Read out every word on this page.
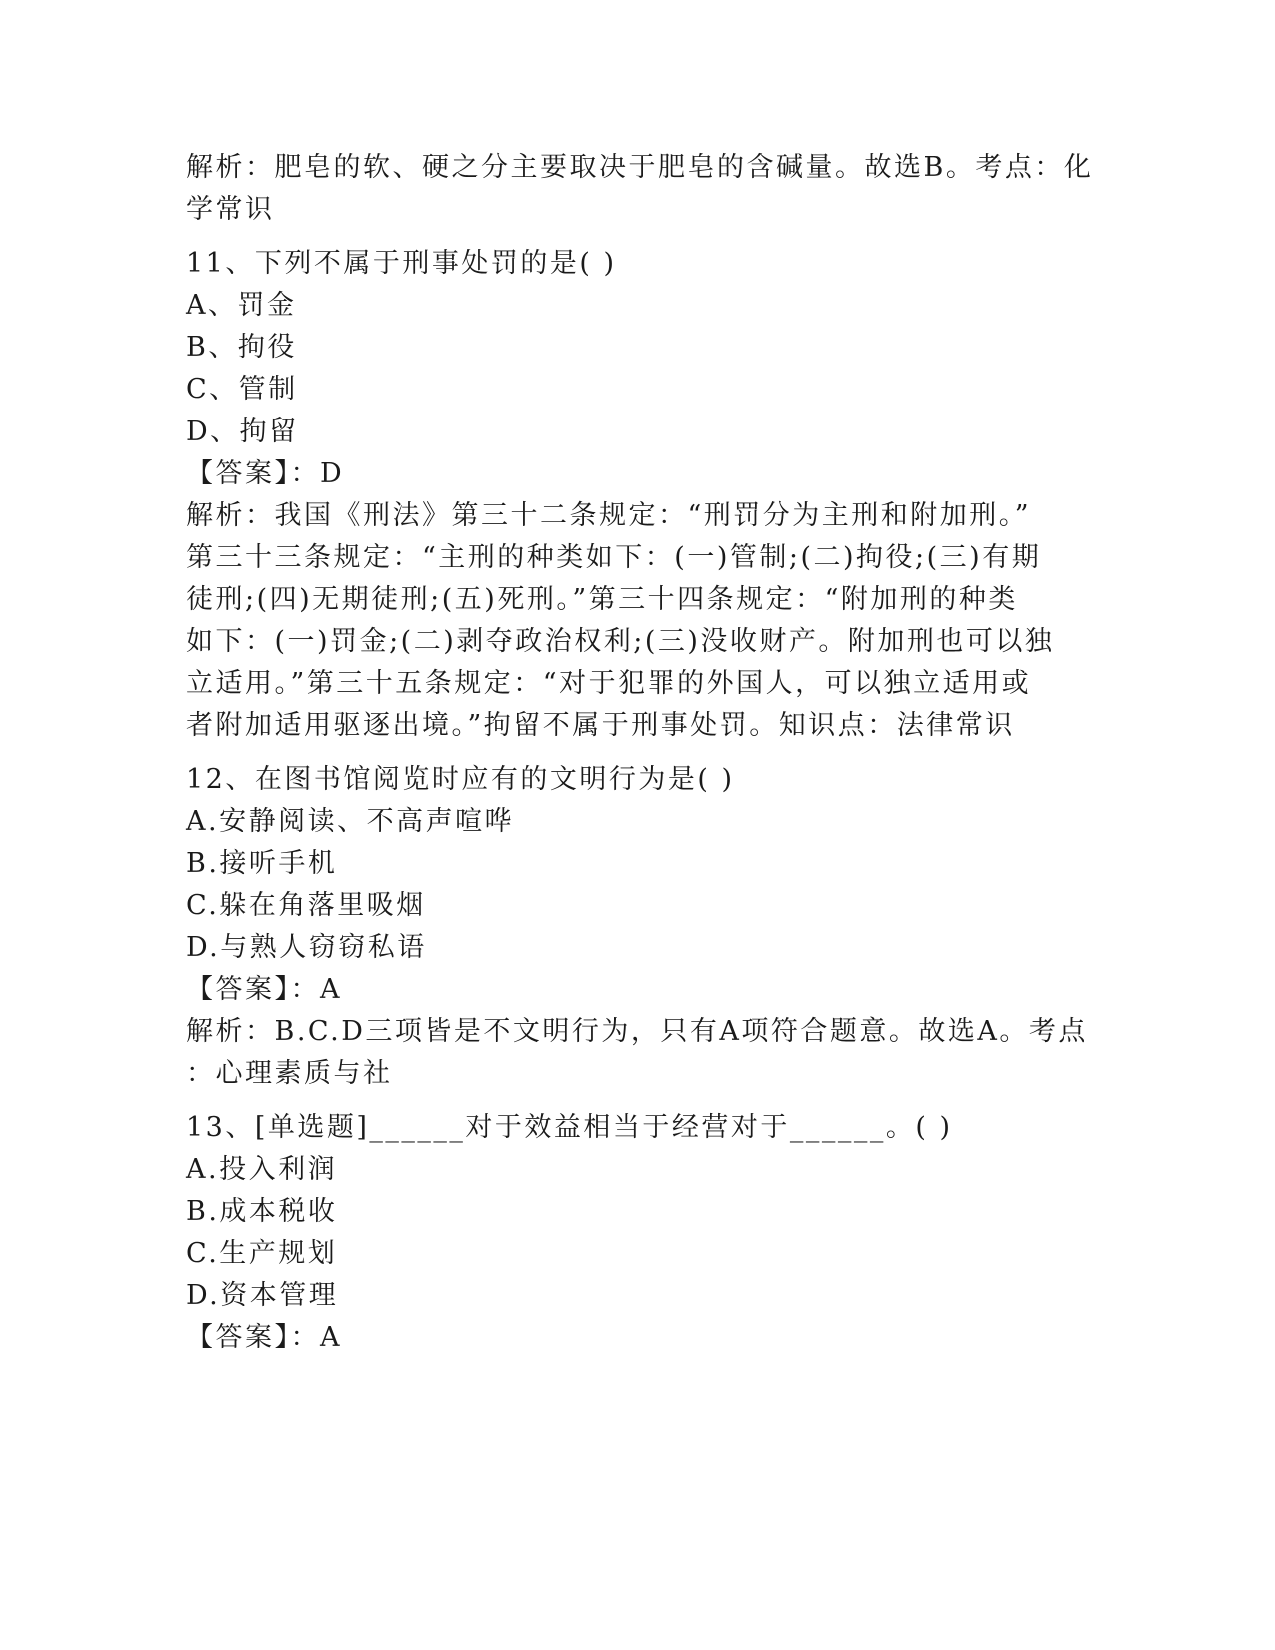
解析：肥皂的软、硬之分主要取决于肥皂的含碱量。故选B。考点：化
学常识
11、下列不属于刑事处罚的是( )
A、罚金
B、拘役
C、管制
D、拘留
【答案】：D
解析：我国《刑法》第三十二条规定：“刑罚分为主刑和附加刑。”
第三十三条规定：“主刑的种类如下：(一)管制;(二)拘役;(三)有期
徒刑;(四)无期徒刑;(五)死刑。”第三十四条规定：“附加刑的种类
如下：(一)罚金;(二)剥夺政治权利;(三)没收财产。附加刑也可以独
立适用。”第三十五条规定：“对于犯罪的外国人，可以独立适用或
者附加适用驱逐出境。”拘留不属于刑事处罚。知识点：法律常识
12、在图书馆阅览时应有的文明行为是( )
A.安静阅读、不高声喧哗
B.接听手机
C.躲在角落里吸烟
D.与熟人窃窃私语
【答案】：A
解析：B.C.D三项皆是不文明行为，只有A项符合题意。故选A。考点
：心理素质与社
13、[单选题]______对于效益相当于经营对于______。( )
A.投入利润
B.成本税收
C.生产规划
D.资本管理
【答案】：A
